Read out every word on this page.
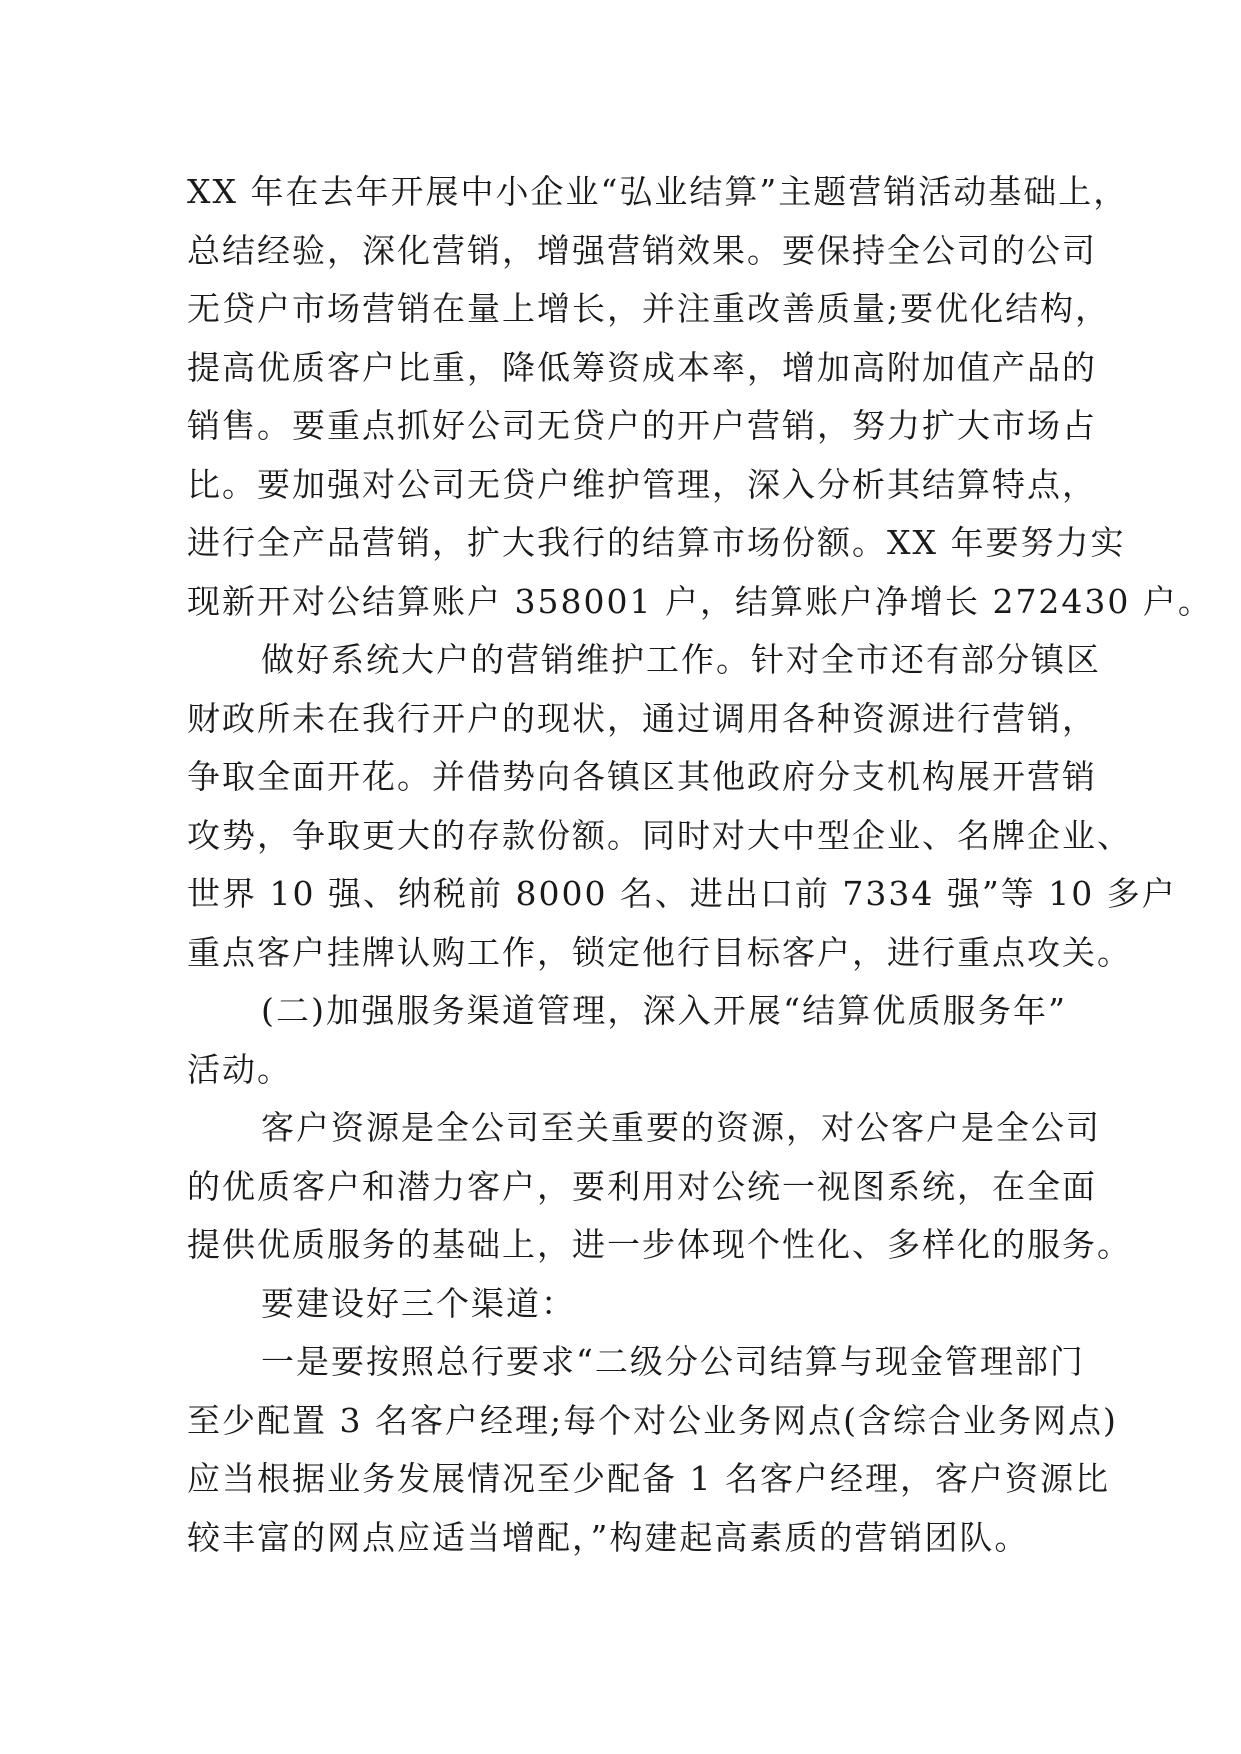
XX 年在去年开展中小企业“弘业结算”主题营销活动基础上，
总结经验，深化营销，增强营销效果。要保持全公司的公司
无贷户市场营销在量上增长，并注重改善质量;要优化结构，
提高优质客户比重，降低筹资成本率，增加高附加值产品的
销售。要重点抓好公司无贷户的开户营销，努力扩大市场占
比。要加强对公司无贷户维护管理，深入分析其结算特点，
进行全产品营销，扩大我行的结算市场份额。XX 年要努力实
现新开对公结算账户 358001 户，结算账户净增长 272430 户。
做好系统大户的营销维护工作。针对全市还有部分镇区
财政所未在我行开户的现状，通过调用各种资源进行营销，
争取全面开花。并借势向各镇区其他政府分支机构展开营销
攻势，争取更大的存款份额。同时对大中型企业、名牌企业、
世界 10 强、纳税前 8000 名、进出口前 7334 强”等 10 多户
重点客户挂牌认购工作，锁定他行目标客户，进行重点攻关。
(二)加强服务渠道管理，深入开展“结算优质服务年”
活动。
客户资源是全公司至关重要的资源，对公客户是全公司
的优质客户和潜力客户，要利用对公统一视图系统，在全面
提供优质服务的基础上，进一步体现个性化、多样化的服务。
要建设好三个渠道：
一是要按照总行要求“二级分公司结算与现金管理部门
至少配置 3 名客户经理;每个对公业务网点(含综合业务网点)
应当根据业务发展情况至少配备 1 名客户经理，客户资源比
较丰富的网点应适当增配，”构建起高素质的营销团队。
